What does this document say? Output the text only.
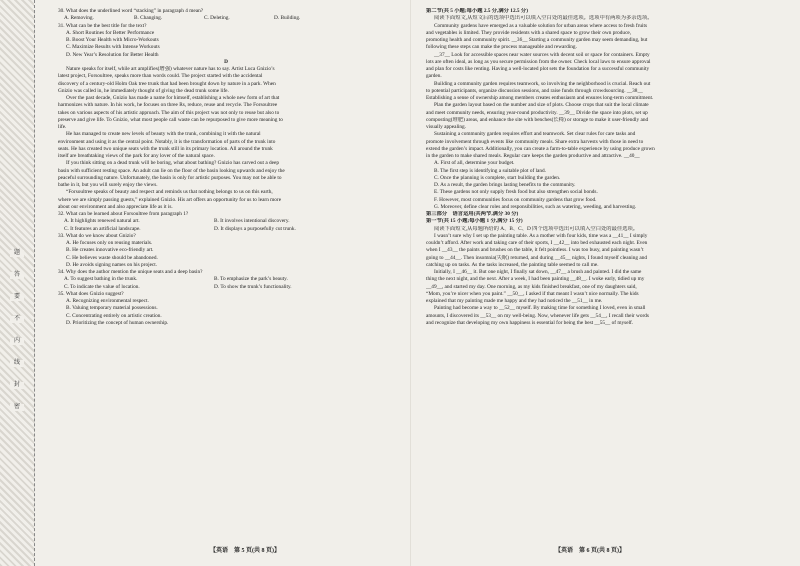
题
答
要
不
内
线
封
密
30. What does the underlined word “stacking” in paragraph 4 mean?
A. Removing.	B. Changing.	C. Deleting.	D. Building.
31. What can be the best title for the text?
A. Short Routines for Better Performance
B. Boost Your Health with Micro-Workouts
C. Maximize Results with Intense Workouts
D. New Year’s Resolution for Better Health
D
Nature speaks for itself, while art amplifies(增强) whatever nature has to say. Artist Luca Gnizio’s
latest project, Forsoultree, speaks more than words could. The project started with the accidental
discovery of a century-old Holm Oak tree trunk that had been brought down by nature in a park. When
Gnizio was called in, he immediately thought of giving the dead trunk some life.
Over the past decade, Gnizio has made a name for himself, establishing a whole new form of art that
harmonizes with nature. In his work, he focuses on three Rs, reduce, reuse and recycle. The Forsoultree
takes on various aspects of his artistic approach. The aim of this project was not only to reuse but also to
preserve and give life. To Gnizio, what most people call waste can be repurposed to give more meaning to
life.
He has managed to create new levels of beauty with the trunk, combining it with the natural
environment and using it as the central point. Notably, it is the transformation of parts of the trunk into
seats. He has created two unique seats with the trunk still in its primary location. All around the trunk
itself are breathtaking views of the park for any lover of the natural space.
If you think sitting on a dead trunk will be boring, what about bathing? Gnizio has carved out a deep
basin with sufficient resting space. An adult can lie on the floor of the basin looking upwards and enjoy the
peaceful surrounding nature. Unfortunately, the basin is only for artistic purposes. You may not be able to
bathe in it, but you will surely enjoy the views.
“Forsoultree speaks of beauty and respect and reminds us that nothing belongs to us on this earth,
where we are simply passing guests,” explained Gnizio. His art offers an opportunity for us to learn more
about our environment and also appreciate life as it is.
32. What can be learned about Forsoultree from paragraph 1?
A. It highlights renewed natural art.	B. It involves intentional discovery.
C. It features an artificial landscape.	D. It displays a purposefully cut trunk.
33. What do we know about Gnizio?
A. He focuses only on reusing materials.
B. He creates innovative eco-friendly art.
C. He believes waste should be abandoned.
D. He avoids signing names on his project.
34. Why does the author mention the unique seats and a deep basin?
A. To suggest bathing in the trunk.	B. To emphasize the park’s beauty.
C. To indicate the value of location.	D. To show the trunk’s functionality.
35. What does Gnizio suggest?
A. Recognizing environmental respect.
B. Valuing temporary material possessions.
C. Concentrating entirely on artistic creation.
D. Prioritizing the concept of human ownership.
第二节(共 5 小题;每小题 2.5 分,满分 12.5 分)
阅读下面短文,从短文后的选项中选出可以填入空白处的最佳选项。选项中有两项为多余选项。
Community gardens have emerged as a valuable solution for urban areas where access to fresh fruits
and vegetables is limited. They provide residents with a shared space to grow their own produce,
promoting health and community spirit. __36__ Starting a community garden may seem demanding, but
following these steps can make the process manageable and rewarding.
__37__ Look for accessible spaces near water sources with decent soil or space for containers. Empty
lots are often ideal, as long as you secure permission from the owner. Check local laws to ensure approval
and plan for costs like renting. Having a well-located plot sets the foundation for a successful community
garden.
Building a community garden requires teamwork, so involving the neighborhood is crucial. Reach out
to potential participants, organize discussion sessions, and raise funds through crowdsourcing. __38__
Establishing a sense of ownership among members creates enthusiasm and ensures long-term commitment.
Plan the garden layout based on the number and size of plots. Choose crops that suit the local climate
and meet community needs, ensuring year-round productivity. __39__ Divide the space into plots, set up
composting(堆肥) areas, and enhance the site with benches(长椅) or storage to make it user-friendly and
visually appealing.
Sustaining a community garden requires effort and teamwork. Set clear rules for care tasks and
promote involvement through events like community meals. Share extra harvests with those in need to
extend the garden’s impact. Additionally, you can create a farm-to-table experience by using produce grown
in the garden to make shared meals. Regular care keeps the garden productive and attractive. __40__
A. First of all, determine your budget.
B. The first step is identifying a suitable plot of land.
C. Once the planning is complete, start building the garden.
D. As a result, the garden brings lasting benefits to the community.
E. These gardens not only supply fresh food but also strengthen social bonds.
F. However, most communities focus on community gardens that grow food.
G. Moreover, define clear roles and responsibilities, such as watering, weeding, and harvesting.
第三部分　语言运用(共两节,满分 30 分)
第一节(共 15 小题;每小题 1 分,满分 15 分)
阅读下面短文,从每题所给的 A、B、C、D 四个选项中选出可以填入空白处的最佳选项。
I wasn’t sure why I set up the painting table. As a mother with four kids, time was a __41__ I simply
couldn’t afford. After work and taking care of their sports, I __42__ into bed exhausted each night. Even
when I __43__ the paints and brushes on the table, it felt pointless. I was too busy, and painting wasn’t
going to __44__. Then insomnia(失眠) returned, and during __45__ nights, I found myself cleaning and
catching up on tasks. As the tasks increased, the painting table seemed to call me.
Initially, I __46__ it. But one night, I finally sat down, __47__ a brush and painted. I did the same
thing the next night, and the next. After a week, I had been painting __48__. I woke early, tidied up my
__49__, and started my day. One morning, as my kids finished breakfast, one of my daughters said,
“Mom, you’re nicer when you paint.” __50__, I asked if that meant I wasn’t nice normally. The kids
explained that my painting made me happy and they had noticed the __51__ in me.
Painting had become a way to __52__ myself. By making time for something I loved, even in small
amounts, I discovered its __53__ on my well-being. Now, whenever life gets __54__, I recall their words
and recognize that developing my own happiness is essential for being the best __55__ of myself.
【英语　第 5 页(共 8 页)】	【英语　第 6 页(共 8 页)】
